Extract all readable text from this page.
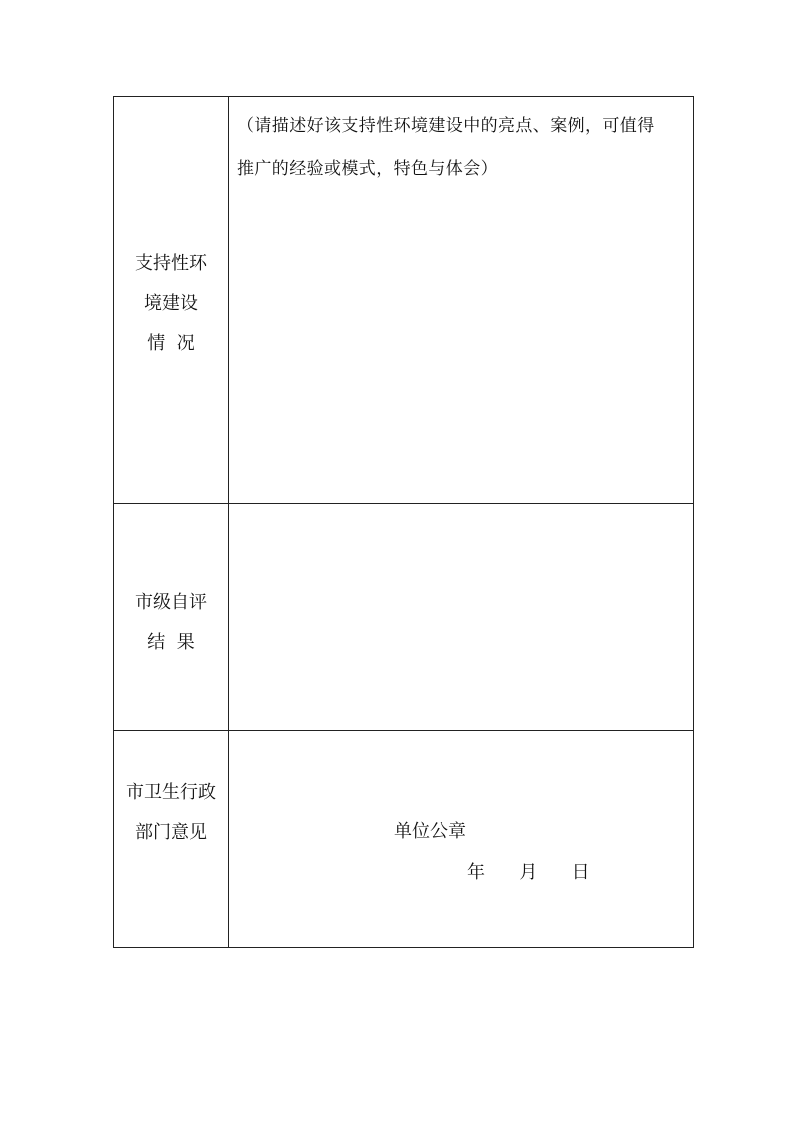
支持性环
境建设
情  况
（请描述好该支持性环境建设中的亮点、案例，可值得
推广的经验或模式，特色与体会）
市级自评
结  果
市卫生行政
部门意见	单位公章
年      月      日
